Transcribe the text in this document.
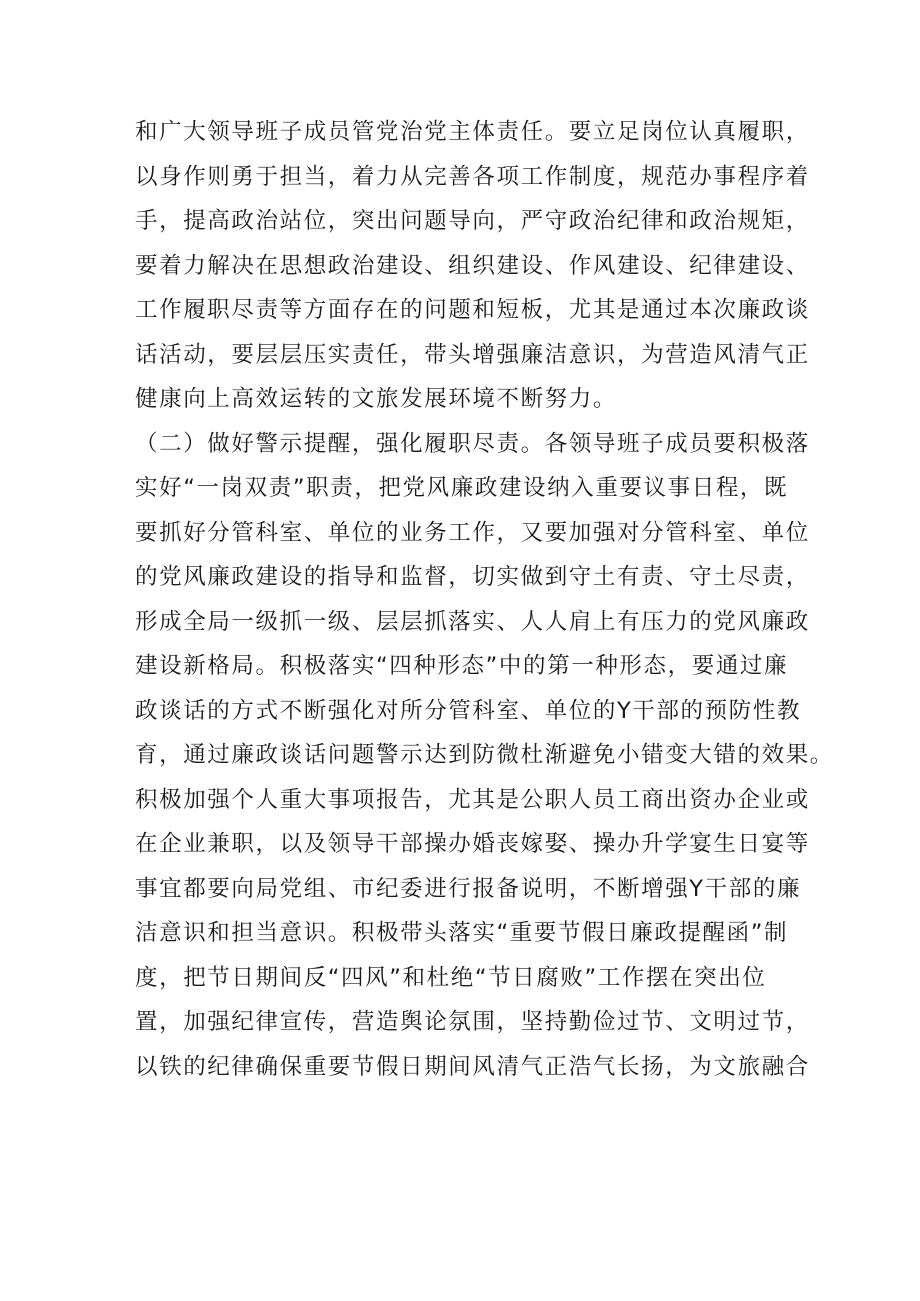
和广大领导班子成员管党治党主体责任。要立足岗位认真履职，
以身作则勇于担当，着力从完善各项工作制度，规范办事程序着
手，提高政治站位，突出问题导向，严守政治纪律和政治规矩，
要着力解决在思想政治建设、组织建设、作风建设、纪律建设、
工作履职尽责等方面存在的问题和短板，尤其是通过本次廉政谈
话活动，要层层压实责任，带头增强廉洁意识，为营造风清气正
健康向上高效运转的文旅发展环境不断努力。
（二）做好警示提醒，强化履职尽责。各领导班子成员要积极落
实好“一岗双责”职责，把党风廉政建设纳入重要议事日程，既
要抓好分管科室、单位的业务工作，又要加强对分管科室、单位
的党风廉政建设的指导和监督，切实做到守土有责、守土尽责，
形成全局一级抓一级、层层抓落实、人人肩上有压力的党风廉政
建设新格局。积极落实“四种形态”中的第一种形态，要通过廉
政谈话的方式不断强化对所分管科室、单位的Y干部的预防性教
育，通过廉政谈话问题警示达到防微杜渐避免小错变大错的效果。
积极加强个人重大事项报告，尤其是公职人员工商出资办企业或
在企业兼职，以及领导干部操办婚丧嫁娶、操办升学宴生日宴等
事宜都要向局党组、市纪委进行报备说明，不断增强Y干部的廉
洁意识和担当意识。积极带头落实“重要节假日廉政提醒函”制
度，把节日期间反“四风”和杜绝“节日腐败”工作摆在突出位
置，加强纪律宣传，营造舆论氛围，坚持勤俭过节、文明过节，
以铁的纪律确保重要节假日期间风清气正浩气长扬，为文旅融合
